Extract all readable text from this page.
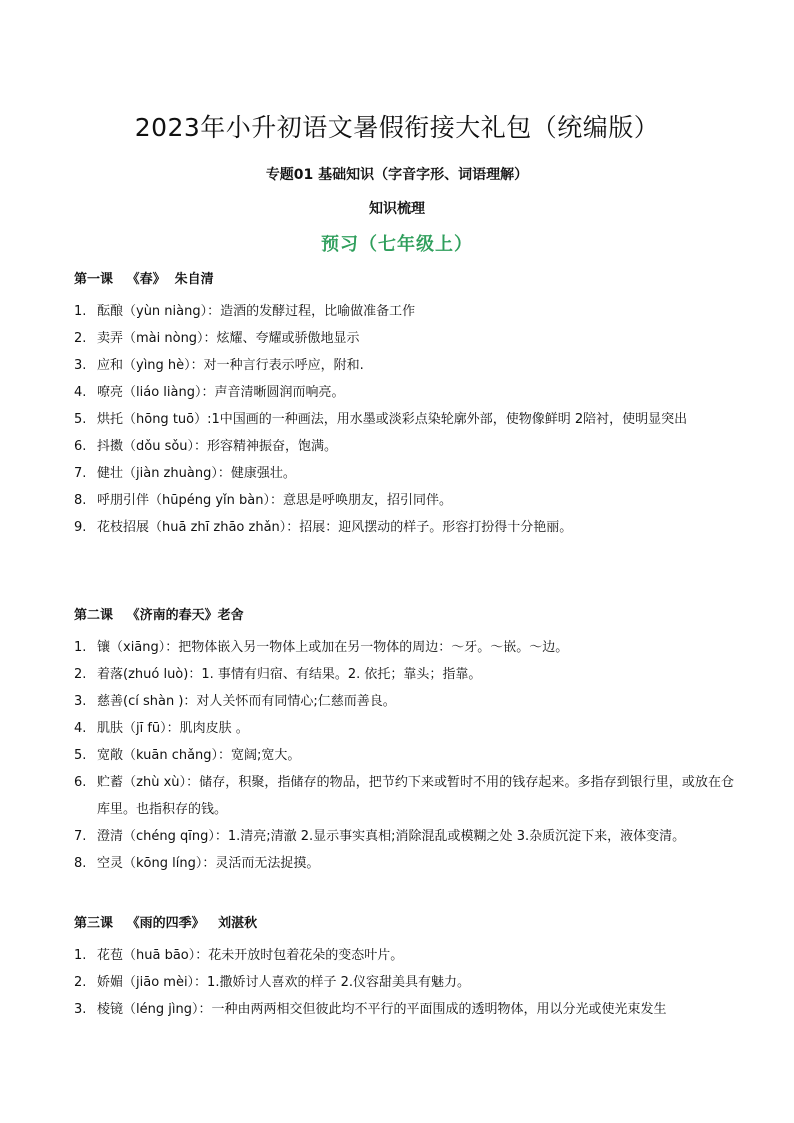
2023年小升初语文暑假衔接大礼包（统编版）
专题01 基础知识（字音字形、词语理解）
知识梳理
预习（七年级上）
第一课   《春》  朱自清
1. 酝酿（yùn niàng）：造酒的发酵过程，比喻做准备工作
2. 卖弄（mài nòng）：炫耀、夸耀或骄傲地显示
3. 应和（yìng hè）：对一种言行表示呼应，附和.
4. 嘹亮（liáo liàng）：声音清晰圆润而响亮。
5. 烘托（hōng tuō）:1中国画的一种画法，用水墨或淡彩点染轮廓外部，使物像鲜明 2陪衬，使明显突出
6. 抖擞（dǒu sǒu）：形容精神振奋，饱满。
7. 健壮（jiàn zhuàng）：健康强壮。
8. 呼朋引伴（hūpéng yǐn bàn）：意思是呼唤朋友，招引同伴。
9. 花枝招展（huā zhī zhāo zhǎn）：招展：迎风摆动的样子。形容打扮得十分艳丽。
第二课   《济南的春天》老舍
1. 镶（xiāng）：把物体嵌入另一物体上或加在另一物体的周边：～牙。～嵌。～边。
2. 着落(zhuó luò)：1. 事情有归宿、有结果。2. 依托；靠头；指靠。
3. 慈善(cí shàn )：对人关怀而有同情心;仁慈而善良。
4. 肌肤（jī fū）：肌肉皮肤 。
5. 宽敞（kuān chǎng）：宽阔;宽大。
6. 贮蓄（zhù xù）：储存，积聚，指储存的物品，把节约下来或暂时不用的钱存起来。多指存到银行里，或放在仓库里。也指积存的钱。
7. 澄清（chéng qīng）：1.清亮;清澈 2.显示事实真相;消除混乱或模糊之处 3.杂质沉淀下来，液体变清。
8. 空灵（kōng líng）：灵活而无法捉摸。
第三课   《雨的四季》   刘湛秋
1. 花苞（huā bāo）：花未开放时包着花朵的变态叶片。
2. 娇媚（jiāo mèi）：1.撒娇讨人喜欢的样子 2.仪容甜美具有魅力。
3. 棱镜（léng jìng）：一种由两两相交但彼此均不平行的平面围成的透明物体，用以分光或使光束发生
